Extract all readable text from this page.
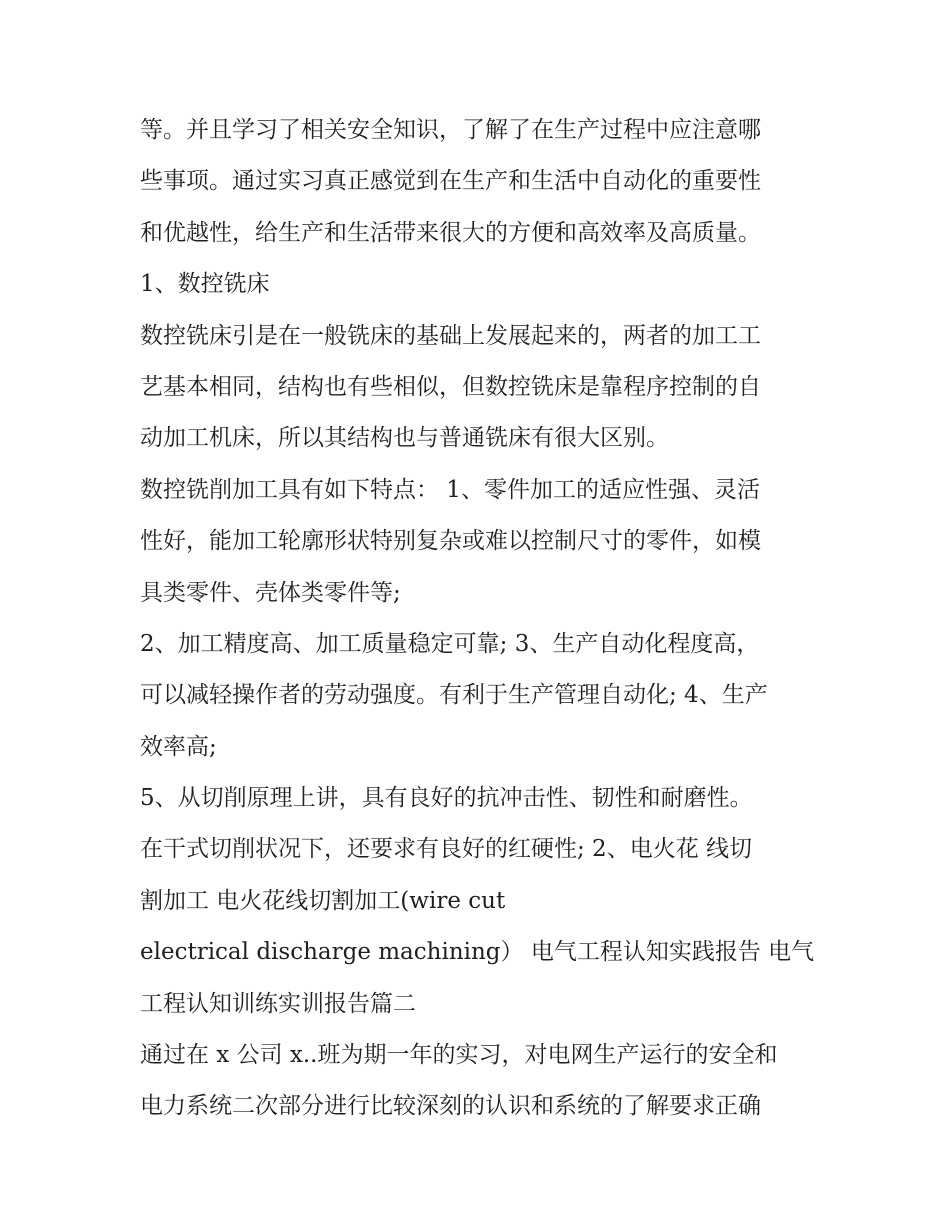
等。并且学习了相关安全知识，了解了在生产过程中应注意哪
些事项。通过实习真正感觉到在生产和生活中自动化的重要性
和优越性，给生产和生活带来很大的方便和高效率及高质量。
1、数控铣床
数控铣床引是在一般铣床的基础上发展起来的，两者的加工工
艺基本相同，结构也有些相似，但数控铣床是靠程序控制的自
动加工机床，所以其结构也与普通铣床有很大区别。
数控铣削加工具有如下特点： 1、零件加工的适应性强、灵活
性好，能加工轮廓形状特别复杂或难以控制尺寸的零件，如模
具类零件、壳体类零件等;
2、加工精度高、加工质量稳定可靠; 3、生产自动化程度高，
可以减轻操作者的劳动强度。有利于生产管理自动化; 4、生产
效率高;
5、从切削原理上讲，具有良好的抗冲击性、韧性和耐磨性。
在干式切削状况下，还要求有良好的红硬性; 2、电火花 线切
割加工 电火花线切割加工(wire cut
electrical discharge machining） 电气工程认知实践报告 电气
工程认知训练实训报告篇二
通过在 x 公司 x..班为期一年的实习，对电网生产运行的安全和
电力系统二次部分进行比较深刻的认识和系统的了解要求正确
